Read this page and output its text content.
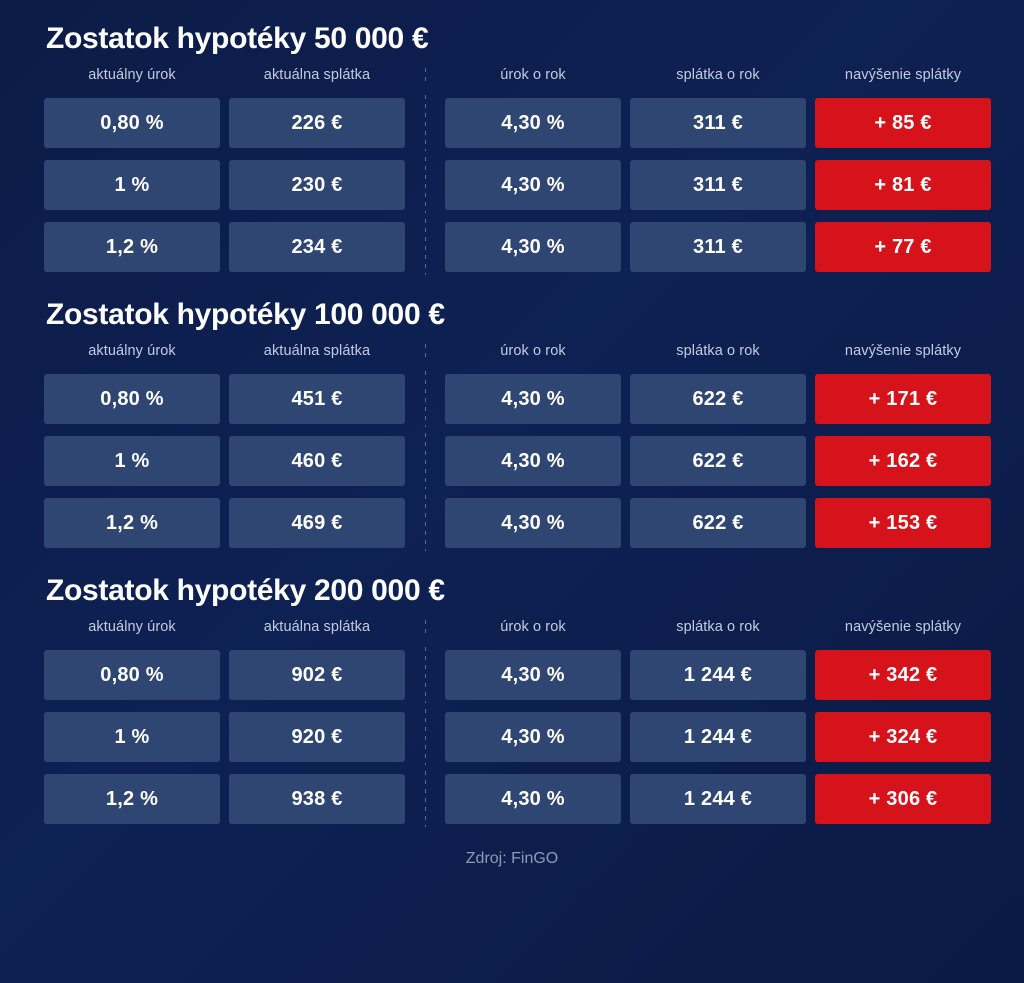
Zostatok hypotéky 50 000 €
aktuálny úrok	aktuálna splátka	úrok o rok	splátka o rok	navýšenie splátky
0,80 %	226 €	4,30 %	311 €	+ 85 €
1 %	230 €	4,30 %	311 €	+ 81 €
1,2 %	234 €	4,30 %	311 €	+ 77 €
Zostatok hypotéky 100 000 €
aktuálny úrok	aktuálna splátka	úrok o rok	splátka o rok	navýšenie splátky
0,80 %	451 €	4,30 %	622 €	+ 171 €
1 %	460 €	4,30 %	622 €	+ 162 €
1,2 %	469 €	4,30 %	622 €	+ 153 €
Zostatok hypotéky 200 000 €
aktuálny úrok	aktuálna splátka	úrok o rok	splátka o rok	navýšenie splátky
0,80 %	902 €	4,30 %	1 244 €	+ 342 €
1 %	920 €	4,30 %	1 244 €	+ 324 €
1,2 %	938 €	4,30 %	1 244 €	+ 306 €
Zdroj: FinGO
